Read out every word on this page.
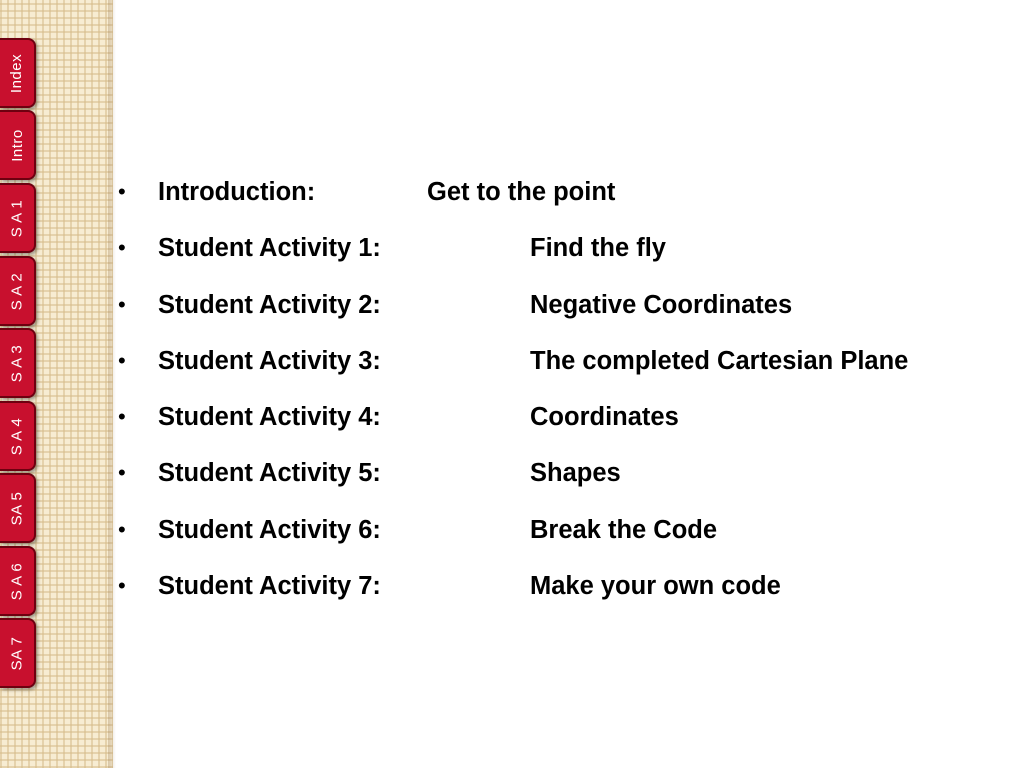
Index
Intro
S A 1
S A 2
S A 3
S A 4
SA 5
S A 6
SA 7
• Introduction:	Get to the point
• Student Activity 1:	Find the fly
• Student Activity 2:	Negative Coordinates
• Student Activity 3:	The completed Cartesian Plane
• Student Activity 4:	Coordinates
• Student Activity 5:	Shapes
• Student Activity 6:	Break the Code
• Student Activity 7:	Make your own code
